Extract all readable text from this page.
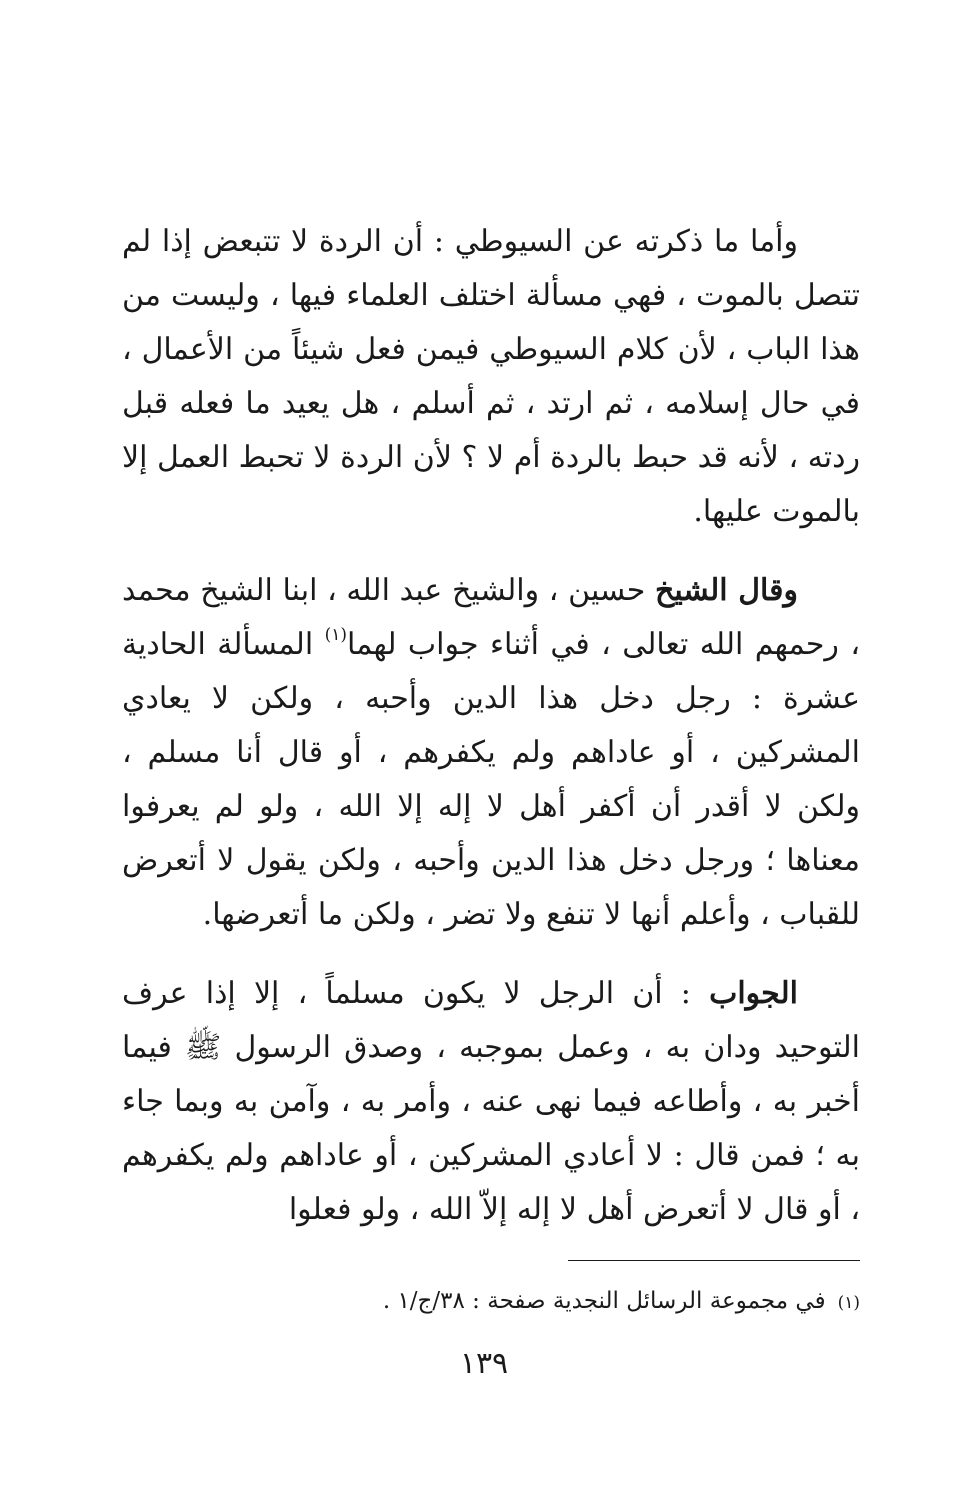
وأما ما ذكرته عن السيوطي : أن الردة لا تتبعض إذا لم تتصل بالموت ، فهي مسألة اختلف العلماء فيها ، وليست من هذا الباب ، لأن كلام السيوطي فيمن فعل شيئاً من الأعمال ، في حال إسلامه ، ثم ارتد ، ثم أسلم ، هل يعيد ما فعله قبل ردته ، لأنه قد حبط بالردة أم لا ؟ لأن الردة لا تحبط العمل إلا بالموت عليها.

وقال الشيخ حسين ، والشيخ عبد الله ، ابنا الشيخ محمد ، رحمهم الله تعالى ، في أثناء جواب لهما$^{(١)}$ المسألة الحادية عشرة : رجل دخل هذا الدين وأحبه ، ولكن لا يعادي المشركين ، أو عاداهم ولم يكفرهم ، أو قال أنا مسلم ، ولكن لا أقدر أن أكفر أهل لا إله إلا الله ، ولو لم يعرفوا معناها ؛ ورجل دخل هذا الدين وأحبه ، ولكن يقول لا أتعرض للقباب ، وأعلم أنها لا تنفع ولا تضر ، ولكن ما أتعرضها.

الجواب : أن الرجل لا يكون مسلماً ، إلا إذا عرف التوحيد ودان به ، وعمل بموجبه ، وصدق الرسول ﷺ فيما أخبر به ، وأطاعه فيما نهى عنه ، وأمر به ، وآمن به وبما جاء به ؛ فمن قال : لا أعادي المشركين ، أو عاداهم ولم يكفرهم ، أو قال لا أتعرض أهل لا إله إلاّ الله ، ولو فعلوا

(١)في مجموعة الرسائل النجدية صفحة : ٣٨/ج/١ .
١٣٩
